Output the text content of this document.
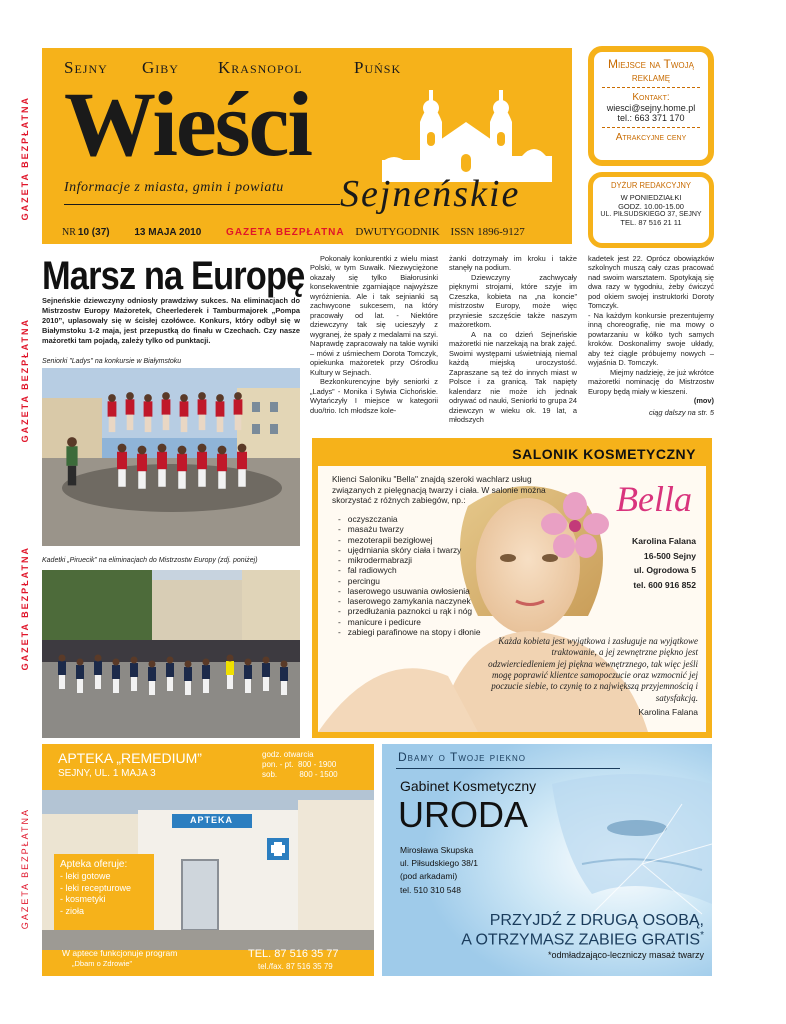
GAZETA BEZPŁATNA
GAZETA BEZPŁATNA
GAZETA BEZPŁATNA
GAZETA BEZPŁATNA
Sejny Giby Krasnopol	Puńsk
Wieści
Informacje z miasta, gmin i powiatu Sejneńskie
NR 10 (37) 13 MAJA 2010 GAZETA BEZPŁATNA DWUTYGODNIK ISSN 1896-9127
Miejsce na Twoją reklamę
Kontakt:
wiesci@sejny.home.pl
tel.: 663 371 170
Atrakcyjne ceny
DYŻUR REDAKCYJNY
W PONIEDZIAŁKI
GODZ. 10.00-15.00
UL. PIŁSUDSKIEGO 37, SEJNY
TEL. 87 516 21 11
Marsz na Europę
Sejneńskie dziewczyny odniosły prawdziwy sukces. Na eliminacjach do Mistrzostw Europy Mażoretek, Cheerlederek i Tamburmajorek „Pompa 2010”, uplasowały się w ścisłej czołówce. Konkurs, który odbył się w Białymstoku 1-2 maja, jest przepustką do finału w Czechach. Czy nasze mażoretki tam pojadą, zależy tylko od punktacji.
Seniorki "Ladys" na konkursie w Białymstoku
Kadetki „Piruecik” na eliminacjach do Mistrzostw Europy (zdj. poniżej)

Pokonały konkurentki z wielu miast Polski, w tym Suwałk. Niezwyciężone okazały się tylko Białorusinki konsekwentnie zgarniające najwyższe wyróżnienia. Ale i tak sejnianki są zachwycone sukcesem, na który pracowały od lat. - Niektóre dziewczyny tak się ucieszyły z wygranej, że spały z medalami na szyi. Naprawdę zapracowały na takie wyniki – mówi z uśmiechem Dorota Tomczyk, opiekunka mażoretek przy Ośrodku Kultury w Sejnach.

Bezkonkurencyjne były seniorki z „Ladys” - Monika i Sylwia Cichońskie. Wytańczyły I miejsce w kategorii duo/trio. Ich młodsze kole-

żanki dotrzymały im kroku i także stanęły na podium.

Dziewczyny zachwycały pięknymi strojami, które szyje im Czeszka, kobieta na „na koncie” mistrzostw Europy, może więc przyniesie szczęście także naszym mażoretkom.

A na co dzień Sejneńskie mażoretki nie narzekają na brak zajęć. Swoimi występami uświetniają niemal każdą miejską uroczystość. Zapraszane są też do innych miast w Polsce i za granicą. Tak napięty kalendarz nie może ich jednak odrywać od nauki, Seniorki to grupa 24 dziewczyn w wieku ok. 19 lat, a młodszych

kadetek jest 22. Oprócz obowiązków szkolnych muszą cały czas pracować nad swoim warsztatem. Spotykają się dwa razy w tygodniu, żeby ćwiczyć pod okiem swojej instruktorki Doroty Tomczyk.

- Na każdym konkursie prezentujemy inną choreografię, nie ma mowy o powtarzaniu w kółko tych samych kroków. Doskonalimy swoje układy, aby też ciągle próbujemy nowych – wyjaśnia D. Tomczyk.

Miejmy nadzieję, że już wkrótce mażoretki nominację do Mistrzostw Europy będą miały w kieszeni.

(mov)
ciąg dalszy na str. 5
SALONIK KOSMETYCZNY
Bella
Klienci Saloniku "Bella" znajdą szeroki wachlarz usług związanych z pielęgnacją twarzy i ciała. W salonie można skorzystać z różnych zabiegów, np.:
- oczyszczania
- masażu twarzy
- mezoterapii bezigłowej
- ujędrniania skóry ciała i twarzy
- mikrodermabrazji
- fal radiowych
- percingu
- laserowego usuwania owłosienia
- laserowego zamykania naczynek
- przedłużania paznokci u rąk i nóg
- manicure i pedicure
- zabiegi parafinowe na stopy i dłonie
Karolina Falana
16-500 Sejny
ul. Ogrodowa 5
tel. 600 916 852
Każda kobieta jest wyjątkowa i zasługuje na wyjątkowe traktowanie, a jej zewnętrzne piękno jest odzwierciedleniem jej piękna wewnętrznego, tak więc jeśli mogę poprawić klientce samopoczucie oraz wzmocnić jej poczucie siebie, to czynię to z największą przyjemnością i satysfakcją.
Karolina Falana
APTEKA „REMEDIUM”
SEJNY, UL. 1 MAJA 3
godz. otwarcia
pon. - pt.  800 - 1900
sob.          800 - 1500
APTEKA
Apteka oferuje:
- leki gotowe
- leki recepturowe
- kosmetyki
- zioła
W aptece funkcjonuje program
„Dbam o Zdrowie”
TEL. 87 516 35 77
tel./fax. 87 516 35 79
Dbamy o Twoje piekno
Gabinet Kosmetyczny
URODA
Mirosława Skupska
ul. Piłsudskiego 38/1
(pod arkadami)
tel. 510 310 548
PRZYJDŹ Z DRUGĄ OSOBĄ,
A OTRZYMASZ ZABIEG GRATIS*
*odmładzająco-leczniczy masaż twarzy
